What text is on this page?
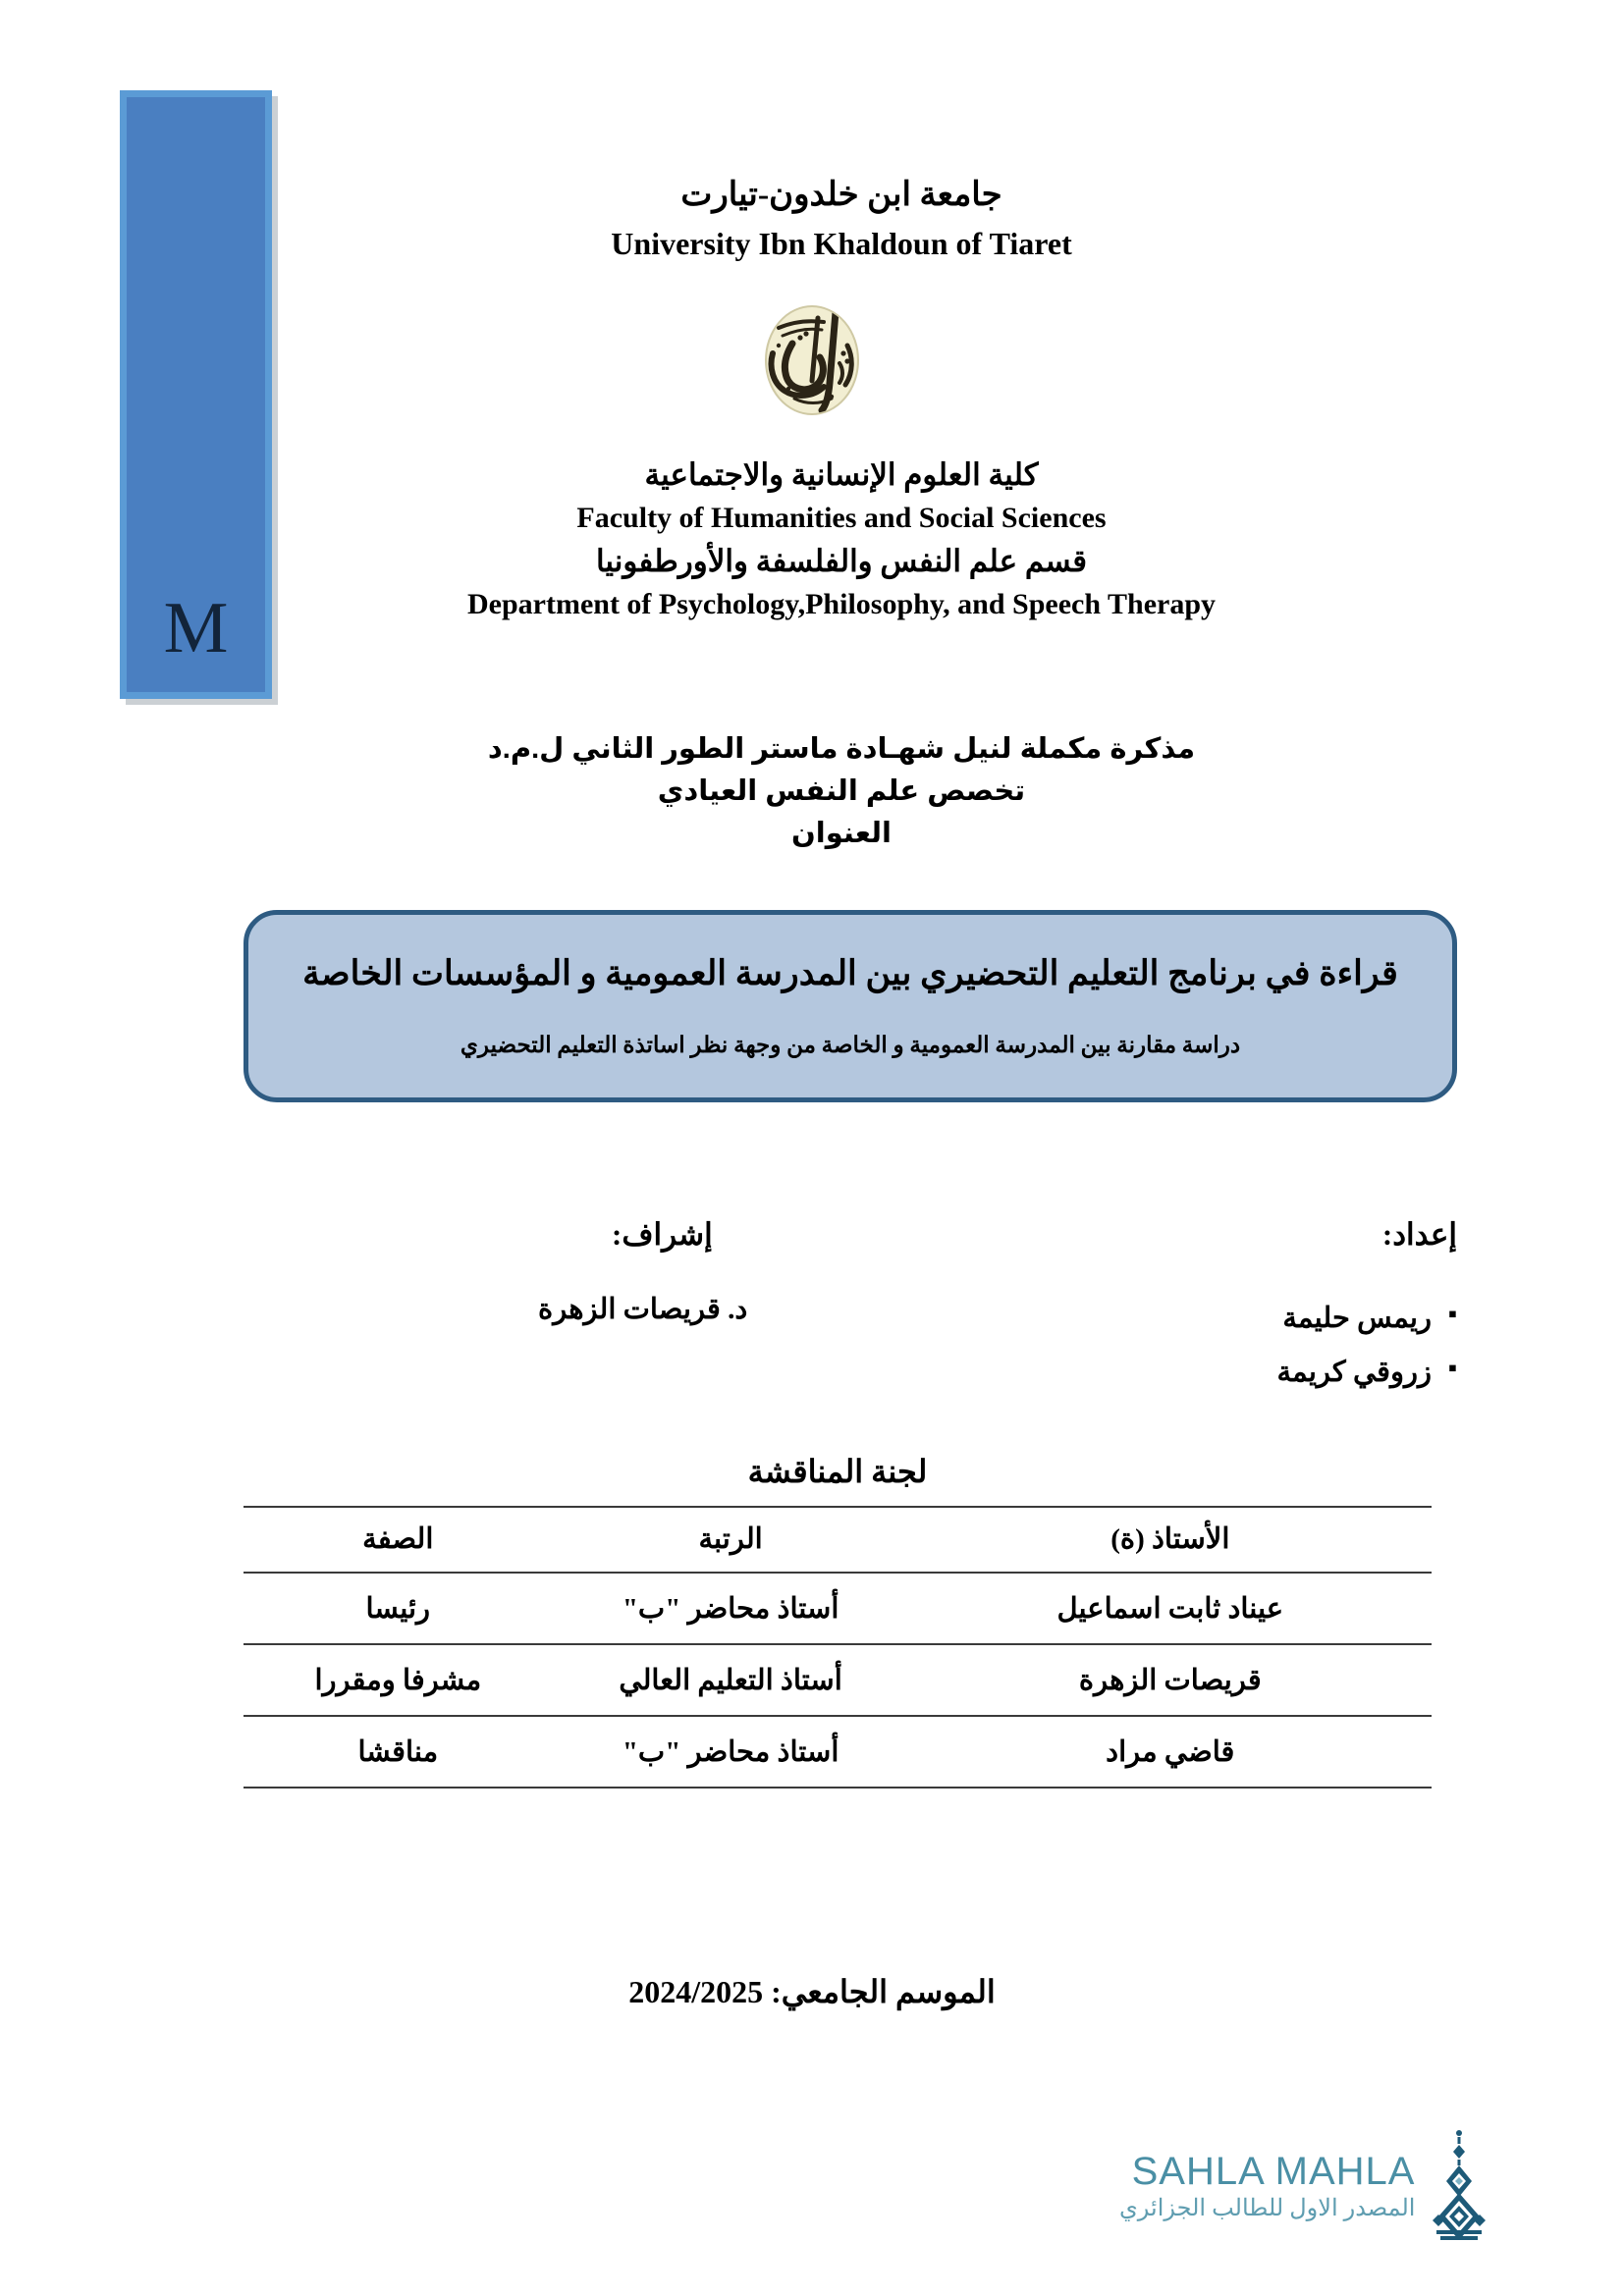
M
جامعة ابن خلدون-تيارت
University Ibn Khaldoun of Tiaret
كلية العلوم الإنسانية والاجتماعية
Faculty of Humanities and Social Sciences
قسم علم النفس والفلسفة والأورطفونيا
Department of Psychology,Philosophy, and Speech Therapy
مذكرة مكملة لنيل شهـادة ماستر الطور الثاني ل.م.د
تخصص علم النفس العيادي
العنوان
قراءة في برنامج التعليم التحضيري بين المدرسة العمومية و المؤسسات الخاصة
دراسة مقارنة بين المدرسة العمومية و الخاصة من وجهة نظر اساتذة التعليم التحضيري
إعداد:
إشراف:
▪ ريمس حليمة
▪ زروقي كريمة
د. قريصات الزهرة
لجنة المناقشة
الأستاذ (ة)	الرتبة	الصفة
عيناد ثابت اسماعيل	أستاذ محاضر "ب"	رئيسا
قريصات الزهرة	أستاذ التعليم العالي	مشرفا ومقررا
قاضي مراد	أستاذ محاضر "ب"	مناقشا
الموسم الجامعي: 2024/2025
SAHLA MAHLA
المصدر الاول للطالب الجزائري
